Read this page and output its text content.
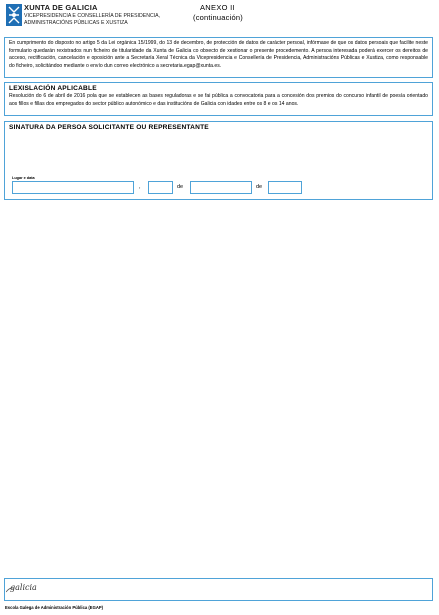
XUNTA DE GALICIA
VICEPRESIDENCIA E CONSELLERÍA DE PRESIDENCIA,
ADMINISTRACIÓNS PÚBLICAS E XUSTIZA
ANEXO II
(continuación)

En cumprimento do disposto no artigo 5 da Lei orgánica 15/1999, do 13 de decembro, de protección de datos de carácter persoal, infórmase de que os datos persoais que facilite neste formulario quedarán rexistrados nun ficheiro de titularidade da Xunta de Galicia co obxecto de xestionar o presente procedemento. A persoa interesada poderá exercer os dereitos de acceso, rectificación, cancelación e oposición ante a Secretaría Xeral Técnica da Vicepresidencia e Consellería de Presidencia, Administracións Públicas e Xustiza, como responsable do ficheiro, solicitándoo mediante o envío dun correo electrónico a secretaria.egap@xunta.es.

LEXISLACIÓN APLICABLE

Resolución do 6 de abril de 2016 pola que se establecen as bases reguladoras e se fai pública a convocatoria para a concesión dos premios do concurso infantil de poesía orientado aos fillos e fillas dos empregados do sector público autonómico e das institucións de Galicia con idades entre os 8 e os 14 anos.

SINATURA DA PERSOA SOLICITANTE OU REPRESENTANTE

Lugar e data
,	de	de
galicia
Escola Galega de Administración Pública (EGAP)
